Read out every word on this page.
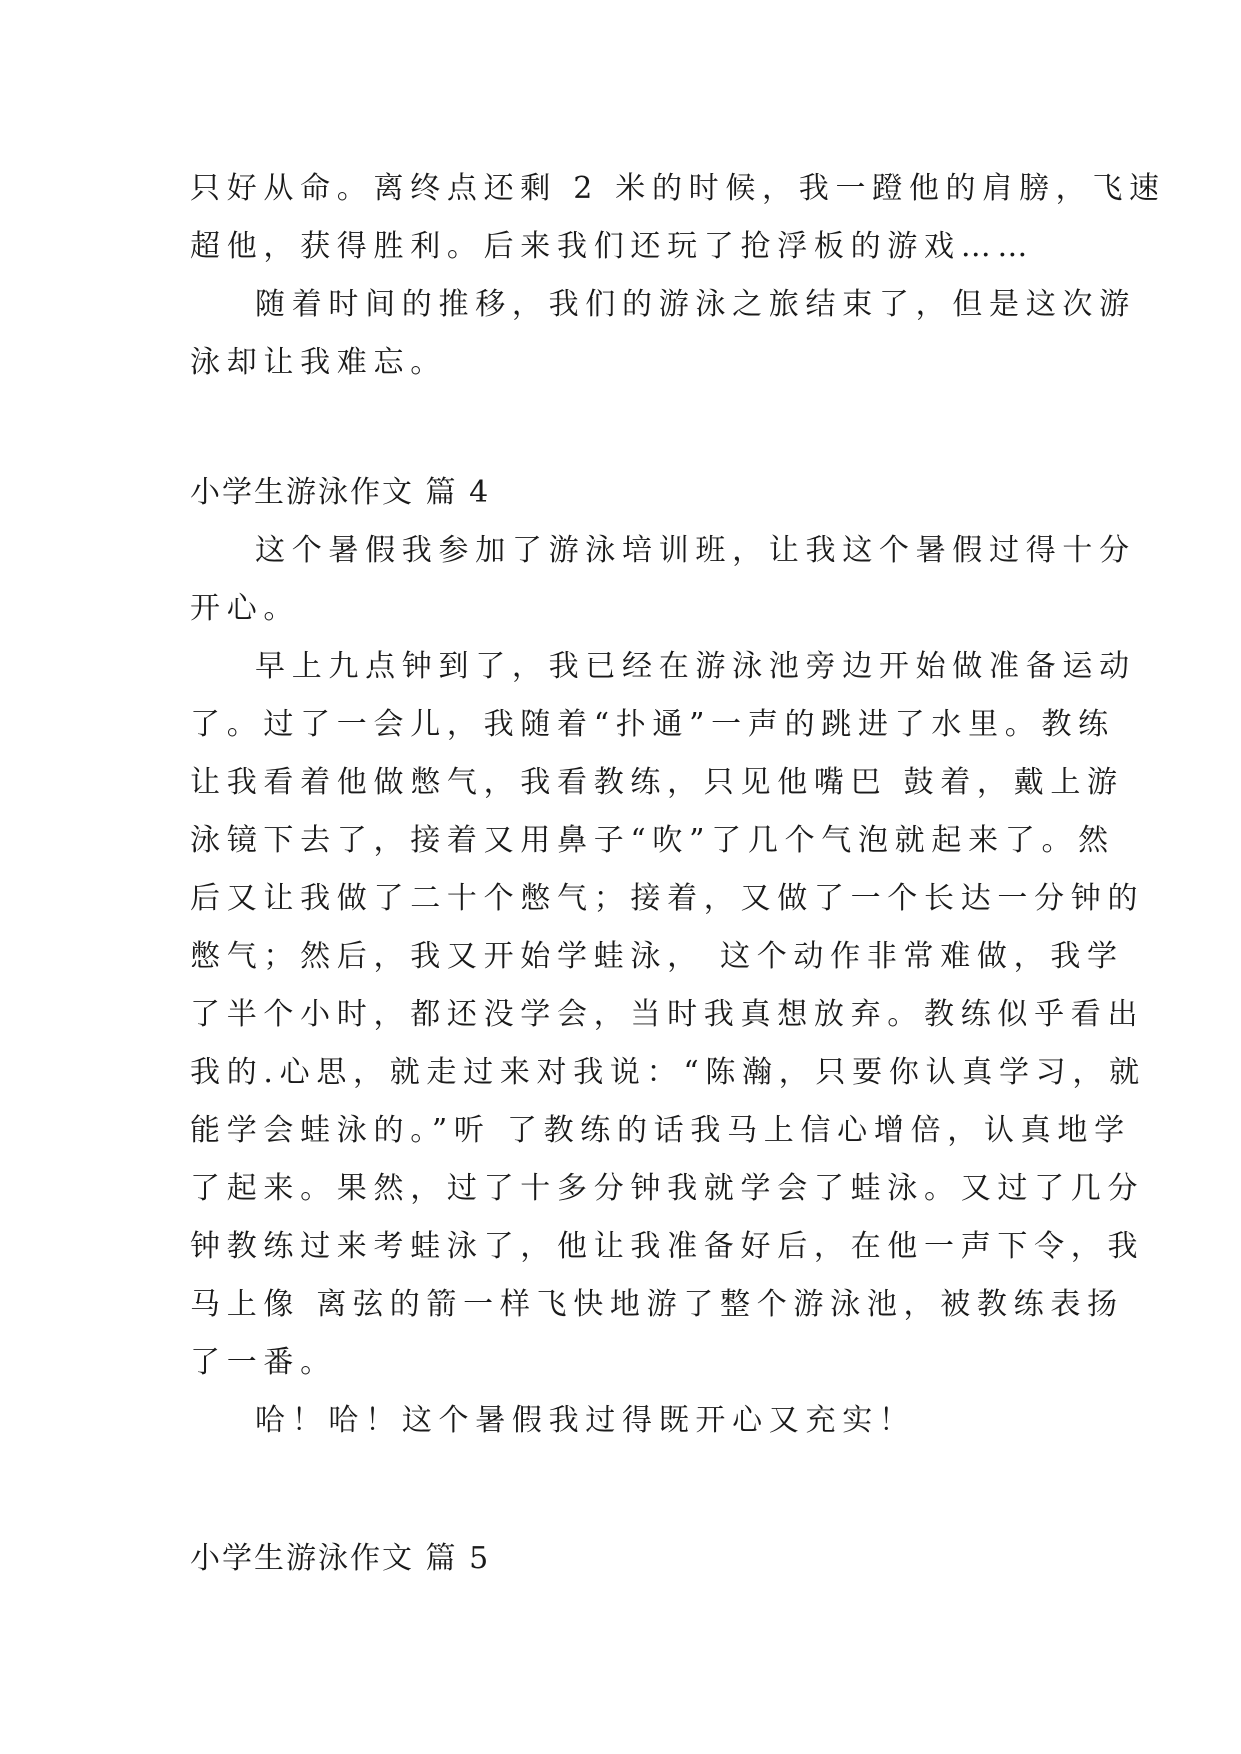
只好从命。离终点还剩 2 米的时候，我一蹬他的肩膀，飞速
超他，获得胜利。后来我们还玩了抢浮板的游戏……
随着时间的推移，我们的游泳之旅结束了，但是这次游
泳却让我难忘。
小学生游泳作文 篇 4
这个暑假我参加了游泳培训班，让我这个暑假过得十分
开心。
早上九点钟到了，我已经在游泳池旁边开始做准备运动
了。过了一会儿，我随着“扑通”一声的跳进了水里。教练
让我看着他做憋气，我看教练，只见他嘴巴 鼓着，戴上游
泳镜下去了，接着又用鼻子“吹”了几个气泡就起来了。然
后又让我做了二十个憋气；接着，又做了一个长达一分钟的
憋气；然后，我又开始学蛙泳， 这个动作非常难做，我学
了半个小时，都还没学会，当时我真想放弃。教练似乎看出
我的.心思，就走过来对我说：“陈瀚，只要你认真学习，就
能学会蛙泳的。”听 了教练的话我马上信心增倍，认真地学
了起来。果然，过了十多分钟我就学会了蛙泳。又过了几分
钟教练过来考蛙泳了，他让我准备好后，在他一声下令，我
马上像 离弦的箭一样飞快地游了整个游泳池，被教练表扬
了一番。
哈！哈！这个暑假我过得既开心又充实！
小学生游泳作文 篇 5
